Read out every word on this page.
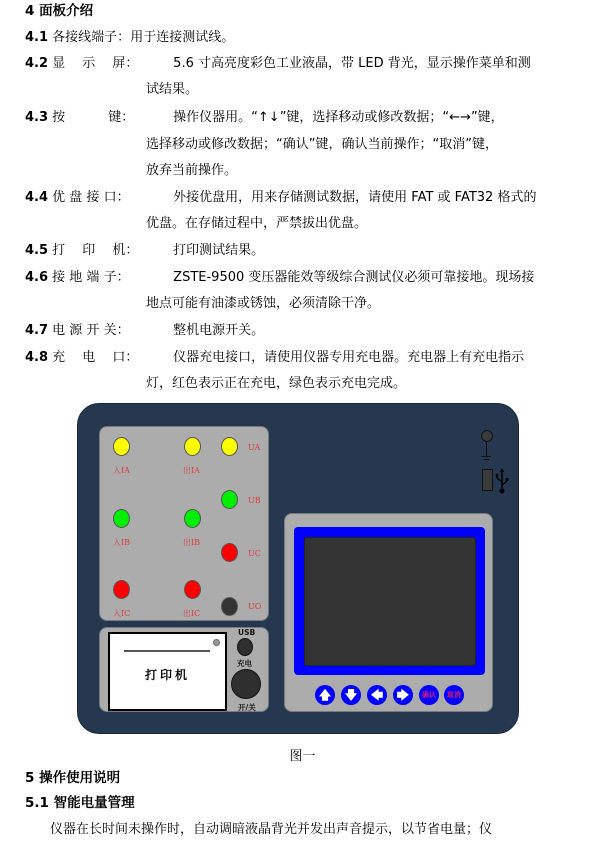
4 面板介绍
4.1 各接线端子：用于连接测试线。
4.2 显　 示　 屏：	5.6 寸高亮度彩色工业液晶，带 LED 背光，显示操作菜单和测
试结果。
4.3 按　　　 键：	操作仪器用。“↑↓”键，选择移动或修改数据；“←→”键，
选择移动或修改数据；“确认”键，确认当前操作；“取消”键，
放弃当前操作。
4.4 优 盘 接 口：	外接优盘用，用来存储测试数据，请使用 FAT 或 FAT32 格式的
优盘。在存储过程中，严禁拔出优盘。
4.5 打　 印　 机：	打印测试结果。
4.6 接 地 端 子：	ZSTE-9500 变压器能效等级综合测试仪必须可靠接地。现场接
地点可能有油漆或锈蚀，必须清除干净。
4.7 电 源 开 关：	整机电源开关。
4.8 充　 电　 口：	仪器充电接口，请使用仪器专用充电器。充电器上有充电指示
灯，红色表示正在充电，绿色表示充电完成。
入IA	出IA
UA
UB
入IB	出IB
UC
入IC	出IC
UO
打印机
USB
充电
开/关
🡅	🡇	🡄	🡆	确认	取消
图一
5 操作使用说明
5.1 智能电量管理
仪器在长时间未操作时，自动调暗液晶背光并发出声音提示，以节省电量；仪
